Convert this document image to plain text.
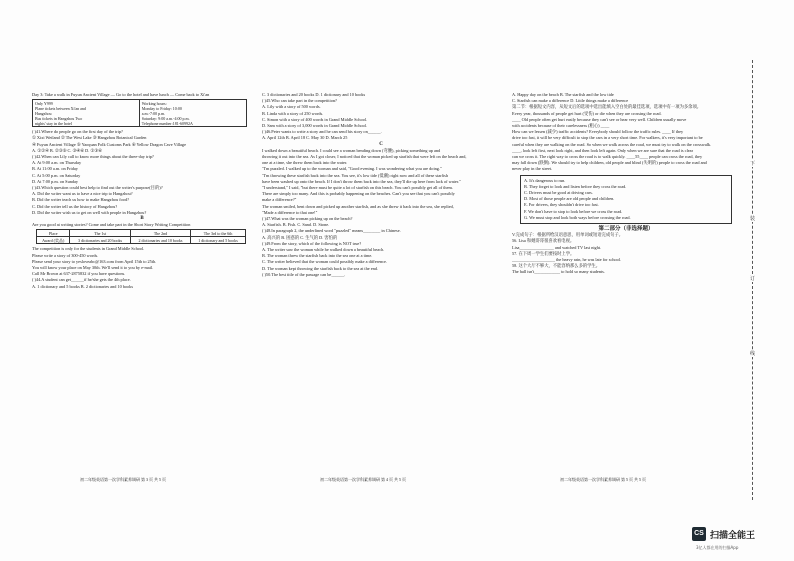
Day 3: Take a walk in Fuyun Ancient Village — Go to the hotel and have lunch — Come back to Xi'an

Only Y999

Plane tickets between Xi'an and

Hangzhou

Bus tickets in Hangzhou Two

nights' stay in the hotel

Working hours:

Monday to Friday: 10:00

a.m.-7:00 p.m.

Saturday: 9:00 a.m.-4:00 p.m.

Telephone number:181-60992A

( )41.Where do people go on the first day of the trip?

① Xixi Wetland ② The West Lake ③ Hangzhou Botanical Garden

④ Fuyun Ancient Village ⑤ Yaoquan Folk Customs Park ⑥ Yellow Dragon Cave Village

A. ①②④ B. ②③⑤ C. ③④⑥ D. ①③⑥

( )42.When can Lily call to know more things about the three-day trip?

A. At 9:00 a.m. on Thursday

B. At 11:00 a.m. on Friday

C. At 5:00 p.m. on Saturday

D. At 7:00 p.m. on Sunday

( )43.Which question could best help to find out the writer's purpose(目的)?

A. Did the writer want us to have a nice trip to Hangzhou?

B. Did the writer teach us how to make Hangzhou food?

C. Did the writer tell us the history of Hangzhou?

D. Did the writer wish us to get on well with people in Hangzhou?

B

Are you good at writing stories? Come and take part in the Short Story Writing Competition

Place	The 1st	The 2nd	The 3rd to the 6th
Award (奖品)	3 dictionaries and 20 books	2 dictionaries and 10 books	1 dictionary and 5 books

The competition is only for the students in Grand Middle School.

Please write a story of 300-450 words.

Please send your story to yesloveabc@163.com from April 15th to 25th.

You will know your place on May 30th. We'll send it to you by e-mail.

Call Mr Brown at 637-2875832 if you have questions.

( )44.A student can get______if he/she gets the 4th place.

A. 1 dictionary and 5 books B. 2 dictionaries and 10 books

C. 3 dictionaries and 20 books D. 1 dictionary and 10 books

( )45.Who can take part in the competition?

A. Lily with a story of 500 words.

B. Linda with a story of 250 words.

C. Simon with a story of 400 words in Grand Middle School.

D. Sam with a story of 3,000 words in Grand Middle School.

( )46.Peter wants to write a story and he can send his story on______.

A. April 12th B. April 18 C. May 30 D. March 25

C

I walked down a beautiful beach. I could see a woman bending down (弯腰), picking something up and

throwing it out into the sea. As I got closer, I noticed that the woman picked up starfish that were left on the beach and,

one at a time, she threw them back into the water.

"I'm puzzled. I walked up to the woman and said, "Good evening. I was wondering what you are doing."

"I'm throwing these starfish back into the sea. You see, it's low tide (低潮) right now and all of these starfish

have been washed up onto the beach. If I don't throw them back into the sea, they'll die up here from lack of water."

"I understand," I said, "but there must be quite a lot of starfish on this beach. You can't possibly get all of them.

There are simply too many. And this is probably happening on the beaches. Can't you see that you can't possibly

make a difference?"

The woman smiled, bent down and picked up another starfish, and as she threw it back into the sea, she replied,

"Made a difference to that one!"

( )47.What was the woman picking up on the beach?

A. Starfish. B. Fish. C. Sand. D. Stone.

( )48.In paragraph 2, the underlined word "puzzled" means________ in Chinese.

A. 高兴的 B. 困惑的 C. 生气的 D. 害怕的

( )49.From the story, which of the following is NOT true?

A. The writer saw the woman while he walked down a beautiful beach.

B. The woman threw the starfish back into the sea one at a time.

C. The writer believed that the woman could possibly make a difference.

D. The woman kept throwing the starfish back to the sea at the end.

( )50.The best title of the passage can be______.

A. Happy day on the beach B. The starfish and the low tide

C. Starfish can make a difference D. Little things make a difference

第二节：根据短文内容，从短文后的选项中选出能填入空白处的最佳选项，选项中有一项为多余项。

Every year, thousands of people get hurt (受伤) or die when they are crossing the road.

____ Old people often get hurt easily because they can't see or hear very well. Children usually move

with accidents because of their carelessness (粗心) ____

How can we lessen (减少) traffic accidents? Everybody should follow the traffic rules. ____ If they

drive too fast, it will be very difficult to stop the cars in a very short time. For walkers, it's very important to be

careful when they are walking on the road. So when we walk across the road, we must try to walk on the crosswalk.

____, look left first, next look right, and then look left again. Only when we are sure that the road is clear

can we cross it. The right way to cross the road is to walk quickly. ____55____ people can cross the road, they

may fall down (跌倒). We should try to help children, old people and blind (失明的) people to cross the road and

never play in the street.

A. It's dangerous to run.

B. They forget to look and listen before they cross the road.

C. Drivers must be good at driving cars.

D. Most of those people are old people and children.

E. For drivers, they shouldn't drive too fast.

F. We don't have to stop to look before we cross the road.

G. We must stop and look both ways before crossing the road.

第二部分（非选择题）

V.完成句子：根据所给汉语意思，用单词或短语完成句子。

56. Lisa 和她哥哥很喜欢看电视。

Lisa________________ and watched TV last night.

57. 在下周一学生们要按时上学。

____________________ the heavy rain, he was late for school.

58. 这个大厅不够大，不能容纳那么多的学生。

The hall isn't____________ to hold so many students.

初二年级英语第一次学科素养调研 第 3 页 共 5 页	初二年级英语第一次学科素养调研 第 4 页 共 5 页	初二年级英语第一次学科素养调研 第 5 页 共 5 页
下
装
订
线
CS 扫描全能王
3亿人都在用的扫描App
